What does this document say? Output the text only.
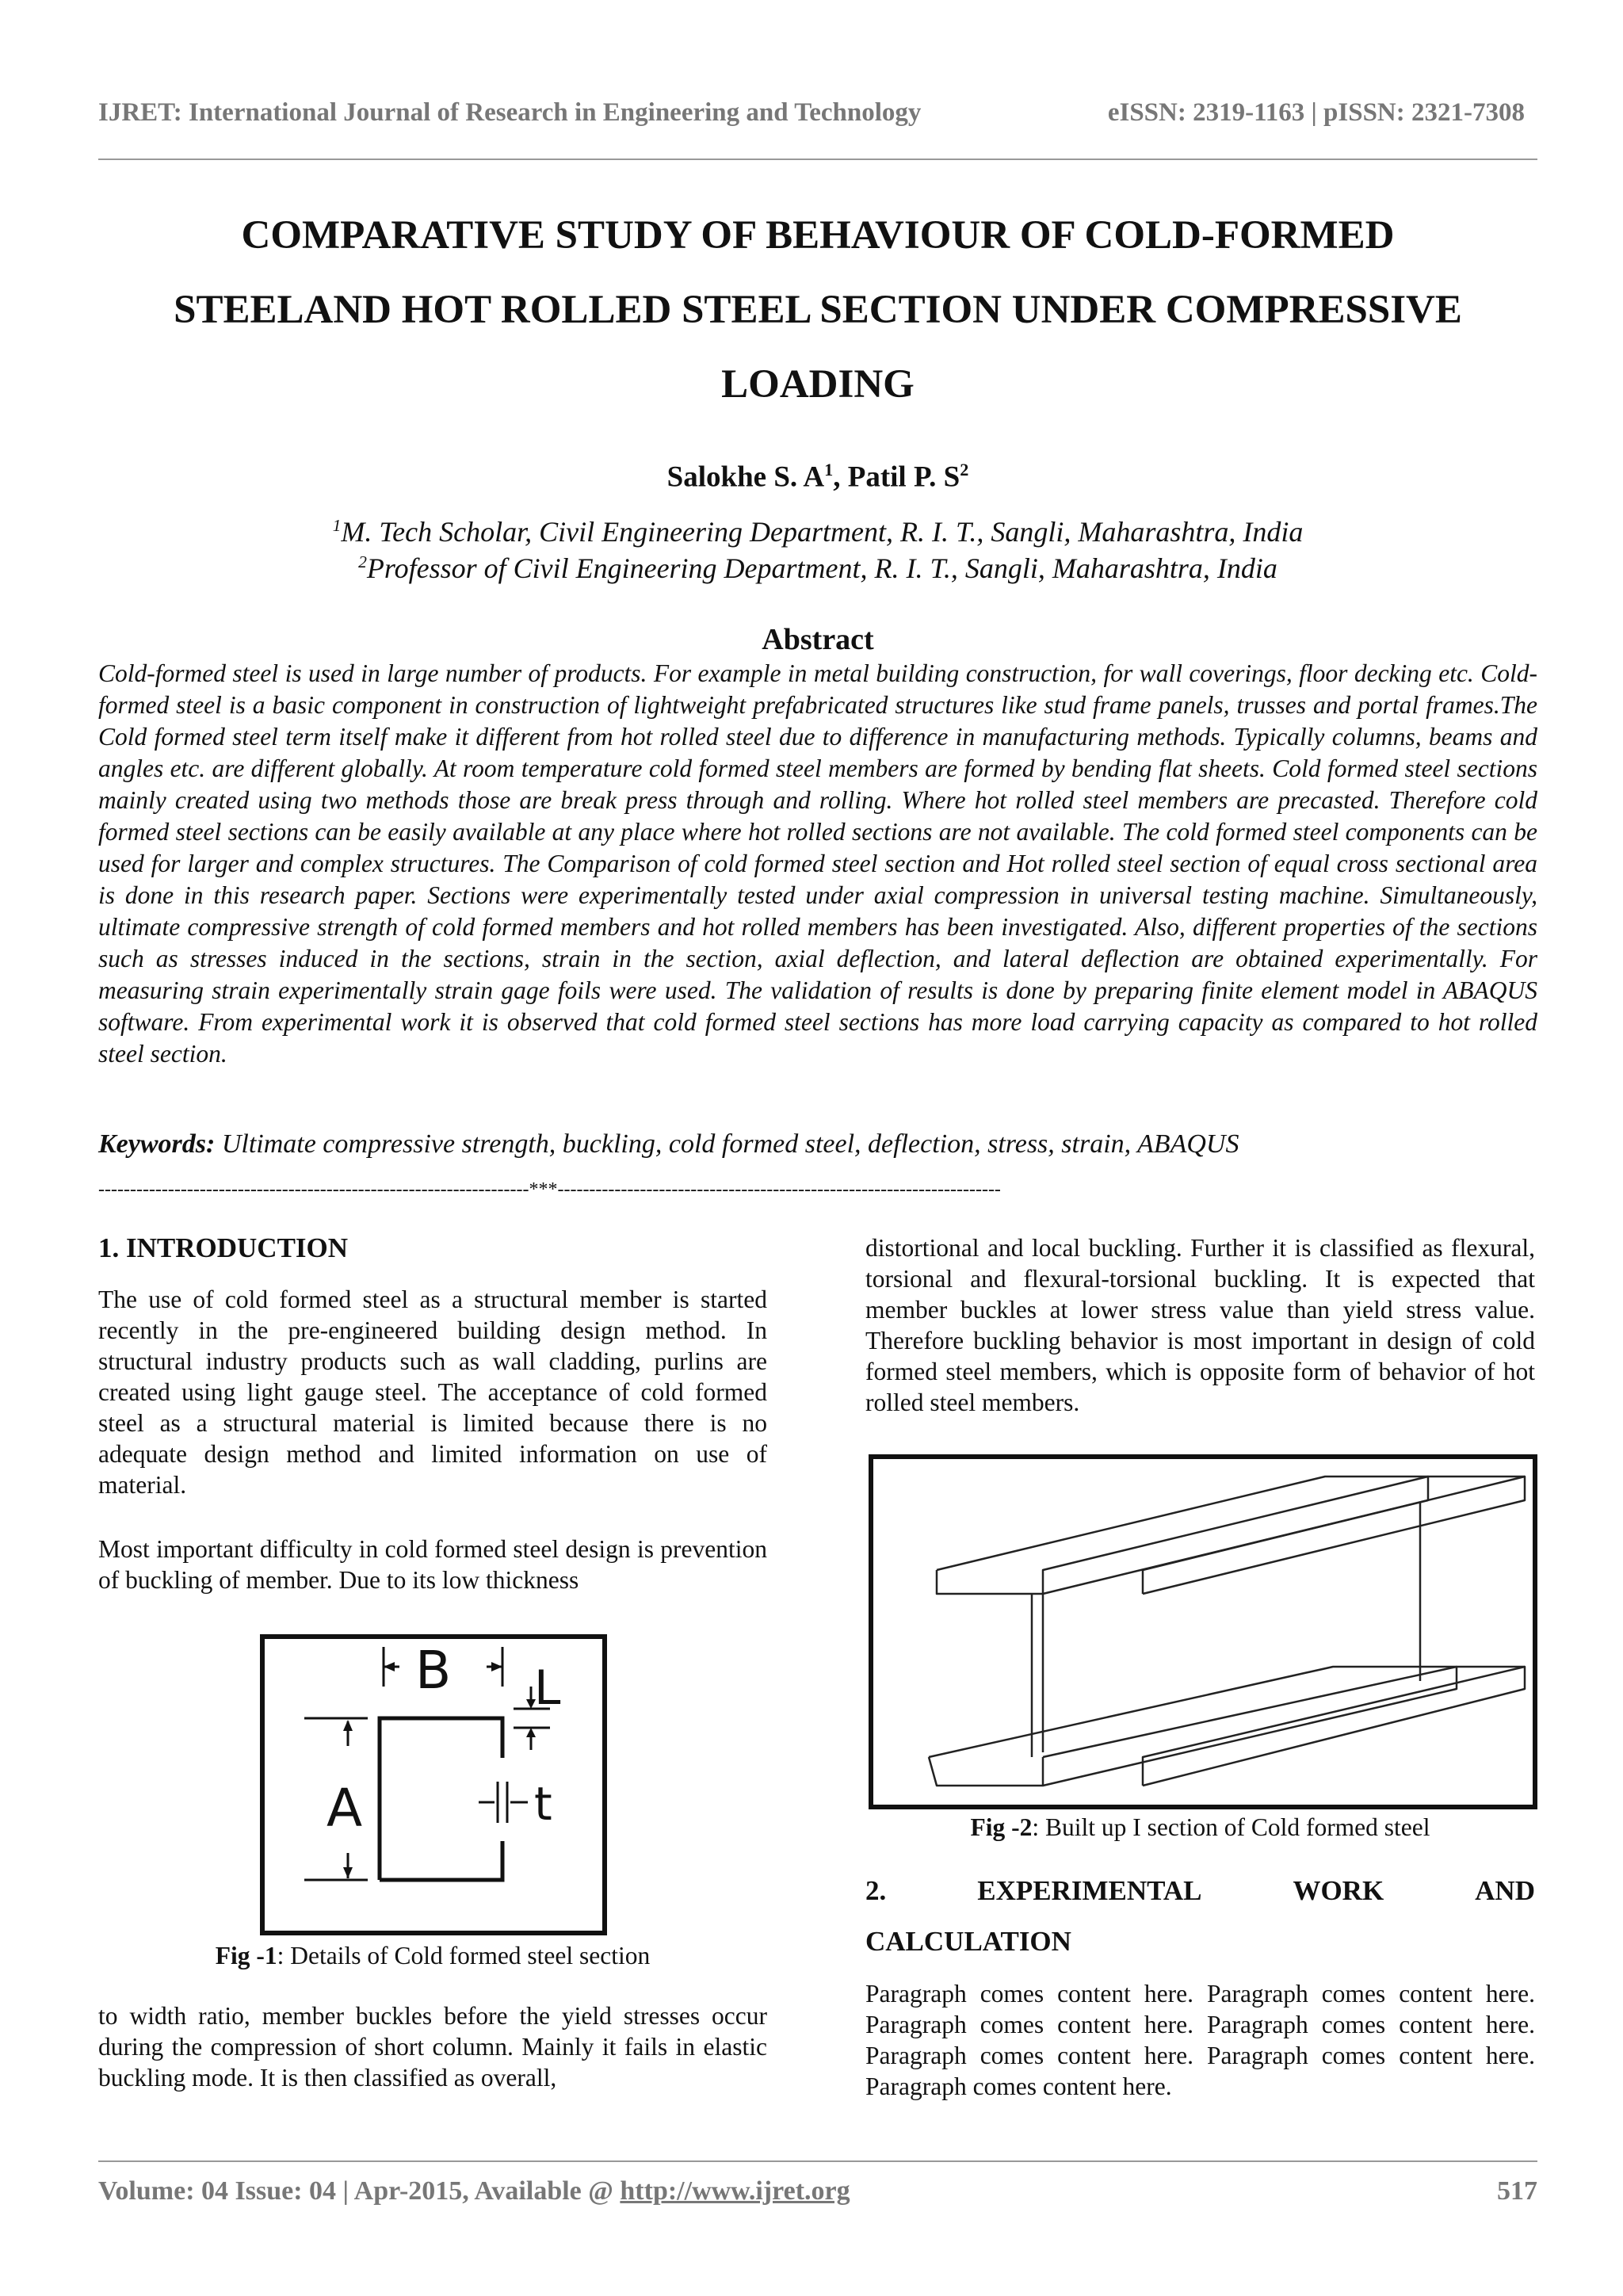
IJRET: International Journal of Research in Engineering and Technology	eISSN: 2319-1163 | pISSN: 2321-7308
COMPARATIVE STUDY OF BEHAVIOUR OF COLD-FORMED
STEELAND HOT ROLLED STEEL SECTION UNDER COMPRESSIVE
LOADING
Salokhe S. $A^1$, Patil P. $S^2$
$^1$M. Tech Scholar, Civil Engineering Department, R. I. T., Sangli, Maharashtra, India
$^2$Professor of Civil Engineering Department, R. I. T., Sangli, Maharashtra, India
Abstract
Cold-formed steel is used in large number of products. For example in metal building construction, for wall coverings, floor decking etc. Cold-formed steel is a basic component in construction of lightweight prefabricated structures like stud frame panels, trusses and portal frames.The Cold formed steel term itself make it different from hot rolled steel due to difference in manufacturing methods. Typically columns, beams and angles etc. are different globally. At room temperature cold formed steel members are formed by bending flat sheets. Cold formed steel sections mainly created using two methods those are break press through and rolling. Where hot rolled steel members are precasted. Therefore cold formed steel sections can be easily available at any place where hot rolled sections are not available. The cold formed steel components can be used for larger and complex structures. The Comparison of cold formed steel section and Hot rolled steel section of equal cross sectional area is done in this research paper. Sections were experimentally tested under axial compression in universal testing machine. Simultaneously, ultimate compressive strength of cold formed members and hot rolled members has been investigated. Also, different properties of the sections such as stresses induced in the sections, strain in the section, axial deflection, and lateral deflection are obtained experimentally. For measuring strain experimentally strain gage foils were used. The validation of results is done by preparing finite element model in ABAQUS software. From experimental work it is observed that cold formed steel sections has more load carrying capacity as compared to hot rolled steel section.
Keywords: Ultimate compressive strength, buckling, cold formed steel, deflection, stress, strain, ABAQUS
--------------------------------------------------------------------***----------------------------------------------------------------------
1. INTRODUCTION
The use of cold formed steel as a structural member is started recently in the pre-engineered building design method. In structural industry products such as wall cladding, purlins are created using light gauge steel. The acceptance of cold formed steel as a structural material is limited because there is no adequate design method and limited information on use of material.
Most important difficulty in cold formed steel design is prevention of buckling of member. Due to its low thickness
B L
t
A
Fig -1: Details of Cold formed steel section
to width ratio, member buckles before the yield stresses occur during the compression of short column. Mainly it fails in elastic buckling mode. It is then classified as overall,
distortional and local buckling. Further it is classified as flexural, torsional and flexural-torsional buckling. It is expected that member buckles at lower stress value than yield stress value. Therefore buckling behavior is most important in design of cold formed steel members, which is opposite form of behavior of hot rolled steel members.
Fig -2: Built up I section of Cold formed steel
2.	EXPERIMENTAL	WORK	AND
CALCULATION
Paragraph comes content here. Paragraph comes content here. Paragraph comes content here. Paragraph comes content here. Paragraph comes content here. Paragraph comes content here. Paragraph comes content here.
Volume: 04 Issue: 04 | Apr-2015, Available @ http://www.ijret.org	517
